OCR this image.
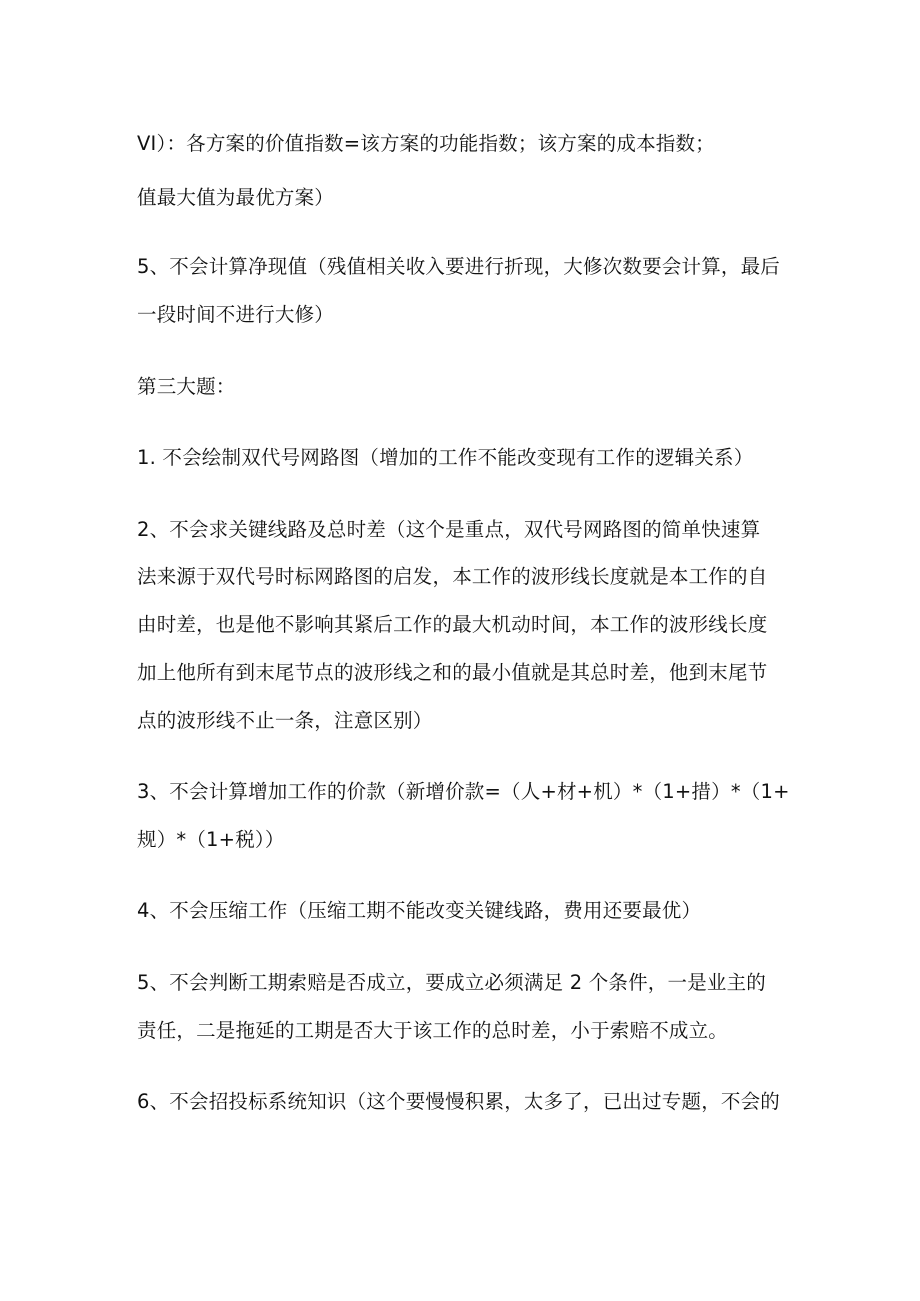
VI）：各方案的价值指数=该方案的功能指数；该方案的成本指数；
值最大值为最优方案）
5、不会计算净现值（残值相关收入要进行折现，大修次数要会计算，最后
一段时间不进行大修）
第三大题：
1. 不会绘制双代号网路图（增加的工作不能改变现有工作的逻辑关系）
2、不会求关键线路及总时差（这个是重点，双代号网路图的简单快速算
法来源于双代号时标网路图的启发，本工作的波形线长度就是本工作的自
由时差，也是他不影响其紧后工作的最大机动时间，本工作的波形线长度
加上他所有到末尾节点的波形线之和的最小值就是其总时差，他到末尾节
点的波形线不止一条，注意区别）
3、不会计算增加工作的价款（新增价款=（人+材+机）*（1+措）*（1+
规）*（1+税））
4、不会压缩工作（压缩工期不能改变关键线路，费用还要最优）
5、不会判断工期索赔是否成立，要成立必须满足 2 个条件，一是业主的
责任，二是拖延的工期是否大于该工作的总时差，小于索赔不成立。
6、不会招投标系统知识（这个要慢慢积累，太多了，已出过专题，不会的
